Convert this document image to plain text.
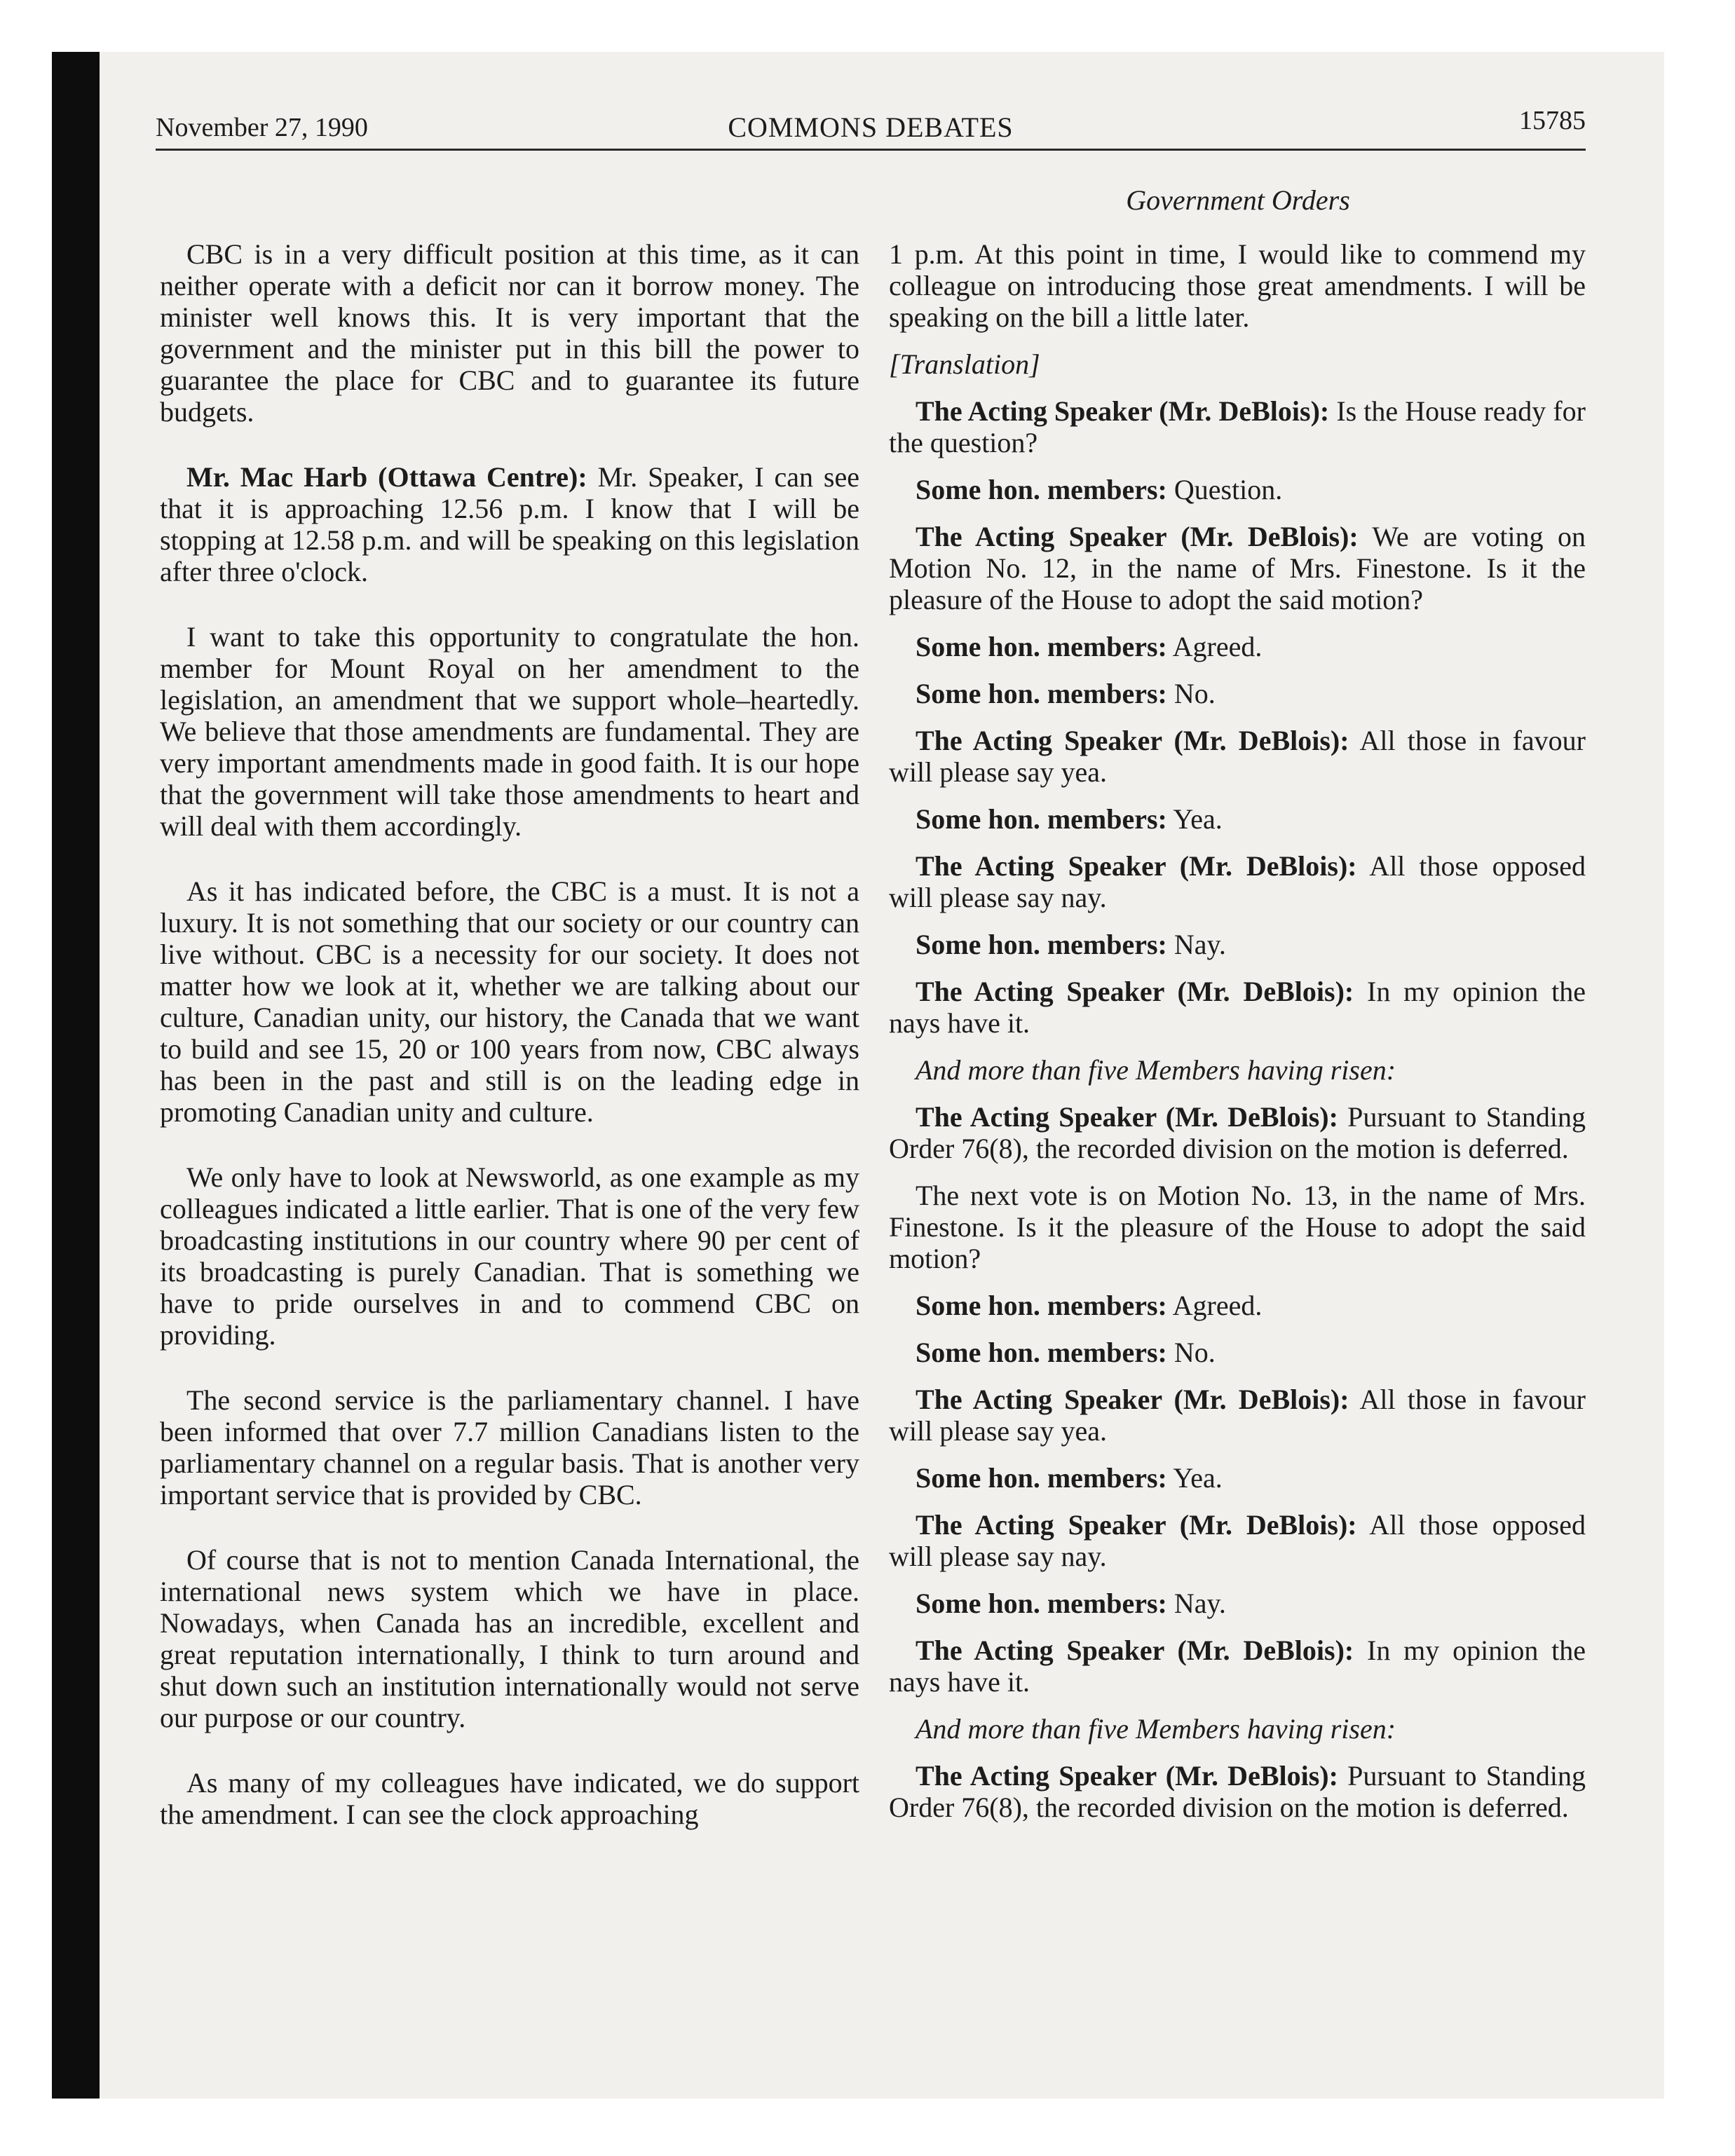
November 27, 1990	COMMONS DEBATES	15785
Government Orders

CBC is in a very difficult position at this time, as it can neither operate with a deficit nor can it borrow money. The minister well knows this. It is very important that the government and the minister put in this bill the power to guarantee the place for CBC and to guarantee its future budgets.

Mr. Mac Harb (Ottawa Centre): Mr. Speaker, I can see that it is approaching 12.56 p.m. I know that I will be stopping at 12.58 p.m. and will be speaking on this legislation after three o'clock.

I want to take this opportunity to congratulate the hon. member for Mount Royal on her amendment to the legislation, an amendment that we support whole–heartedly. We believe that those amendments are fundamental. They are very important amendments made in good faith. It is our hope that the government will take those amendments to heart and will deal with them accordingly.

As it has indicated before, the CBC is a must. It is not a luxury. It is not something that our society or our country can live without. CBC is a necessity for our society. It does not matter how we look at it, whether we are talking about our culture, Canadian unity, our history, the Canada that we want to build and see 15, 20 or 100 years from now, CBC always has been in the past and still is on the leading edge in promoting Canadian unity and culture.

We only have to look at Newsworld, as one example as my colleagues indicated a little earlier. That is one of the very few broadcasting institutions in our country where 90 per cent of its broadcasting is purely Canadian. That is something we have to pride ourselves in and to commend CBC on providing.

The second service is the parliamentary channel. I have been informed that over 7.7 million Canadians listen to the parliamentary channel on a regular basis. That is another very important service that is provided by CBC.

Of course that is not to mention Canada International, the international news system which we have in place. Nowadays, when Canada has an incredible, excellent and great reputation internationally, I think to turn around and shut down such an institution internationally would not serve our purpose or our country.

As many of my colleagues have indicated, we do support the amendment. I can see the clock approaching

1 p.m. At this point in time, I would like to commend my colleague on introducing those great amendments. I will be speaking on the bill a little later.

[Translation]

The Acting Speaker (Mr. DeBlois): Is the House ready for the question?

Some hon. members: Question.

The Acting Speaker (Mr. DeBlois): We are voting on Motion No. 12, in the name of Mrs. Finestone. Is it the pleasure of the House to adopt the said motion?

Some hon. members: Agreed.

Some hon. members: No.

The Acting Speaker (Mr. DeBlois): All those in favour will please say yea.

Some hon. members: Yea.

The Acting Speaker (Mr. DeBlois): All those opposed will please say nay.

Some hon. members: Nay.

The Acting Speaker (Mr. DeBlois): In my opinion the nays have it.

And more than five Members having risen:

The Acting Speaker (Mr. DeBlois): Pursuant to Standing Order 76(8), the recorded division on the motion is deferred.

The next vote is on Motion No. 13, in the name of Mrs. Finestone. Is it the pleasure of the House to adopt the said motion?

Some hon. members: Agreed.

Some hon. members: No.

The Acting Speaker (Mr. DeBlois): All those in favour will please say yea.

Some hon. members: Yea.

The Acting Speaker (Mr. DeBlois): All those opposed will please say nay.

Some hon. members: Nay.

The Acting Speaker (Mr. DeBlois): In my opinion the nays have it.

And more than five Members having risen:

The Acting Speaker (Mr. DeBlois): Pursuant to Standing Order 76(8), the recorded division on the motion is deferred.
